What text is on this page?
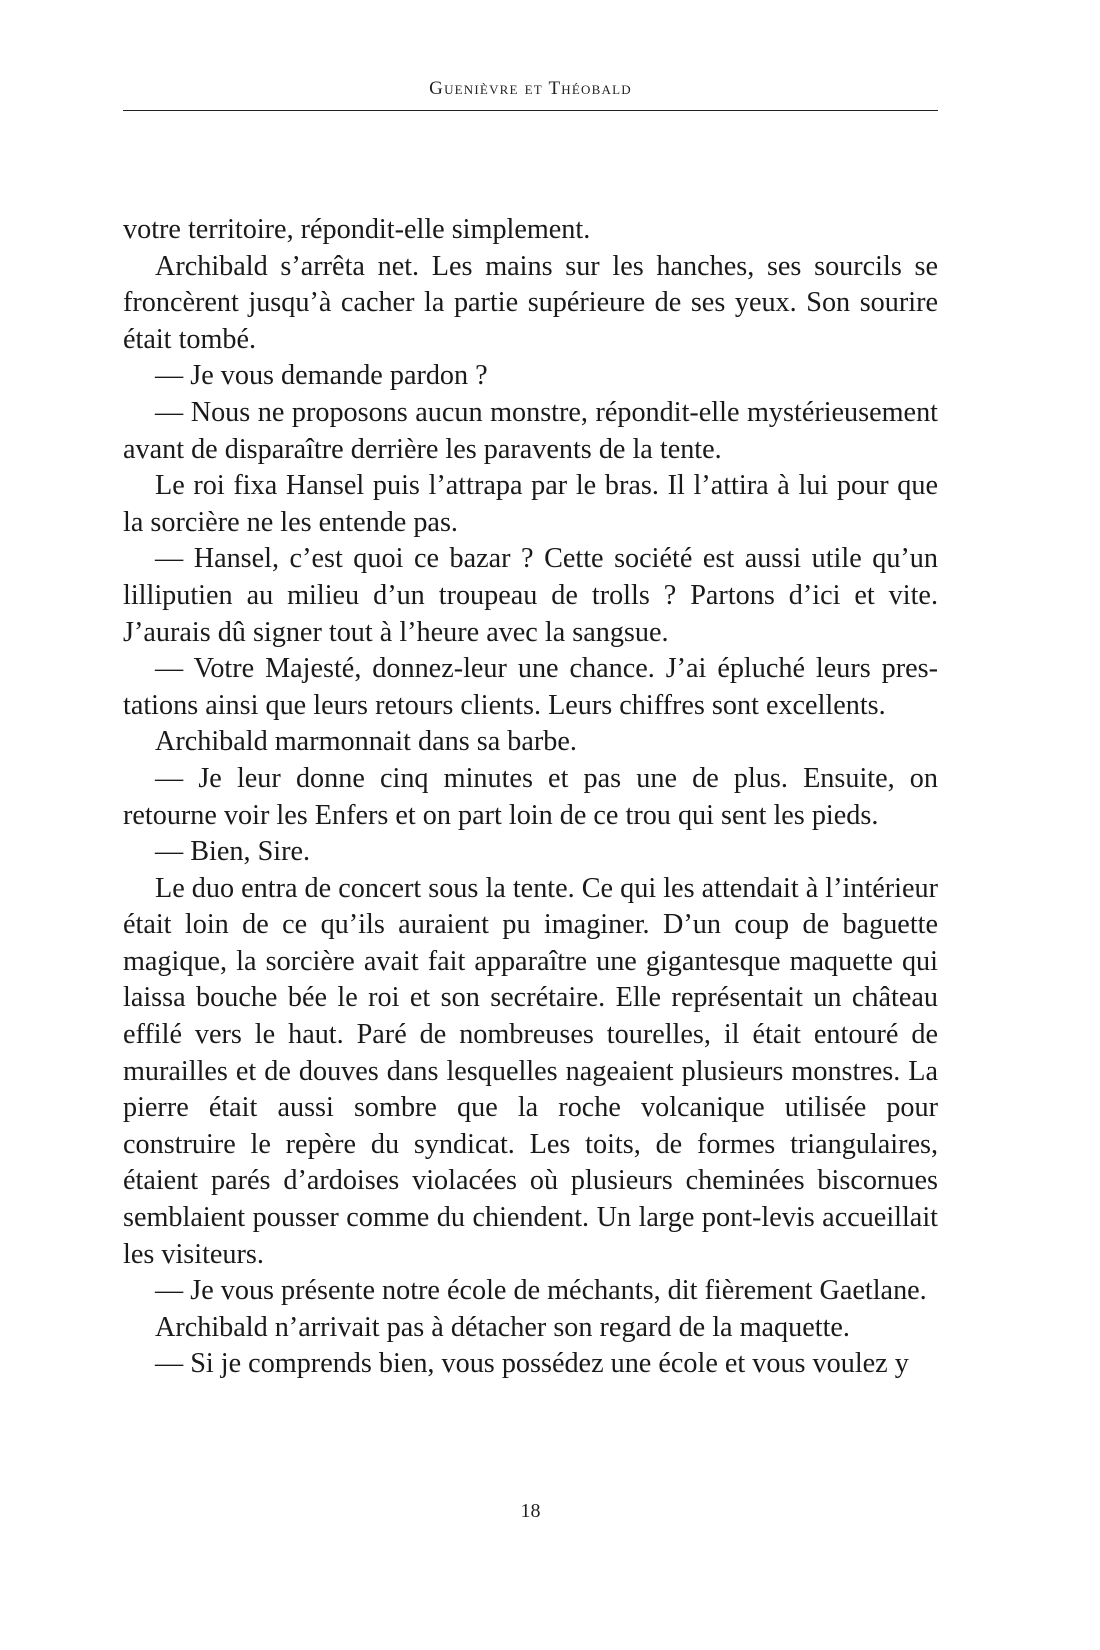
Guenièvre et Théobald

votre territoire, répondit-elle simplement.

Archibald s’arrêta net. Les mains sur les hanches, ses sourcils se froncèrent jusqu’à cacher la partie supérieure de ses yeux. Son sourire était tombé.

— Je vous demande pardon ?

— Nous ne proposons aucun monstre, répondit-elle mystérieusement avant de disparaître derrière les paravents de la tente.

Le roi fixa Hansel puis l’attrapa par le bras. Il l’attira à lui pour que la sorcière ne les entende pas.

— Hansel, c’est quoi ce bazar ? Cette société est aussi utile qu’un lilliputien au milieu d’un troupeau de trolls ? Partons d’ici et vite. J’aurais dû signer tout à l’heure avec la sangsue.

— Votre Majesté, donnez-leur une chance. J’ai épluché leurs prestations ainsi que leurs retours clients. Leurs chiffres sont excellents.

Archibald marmonnait dans sa barbe.

— Je leur donne cinq minutes et pas une de plus. Ensuite, on retourne voir les Enfers et on part loin de ce trou qui sent les pieds.

— Bien, Sire.

Le duo entra de concert sous la tente. Ce qui les attendait à l’intérieur était loin de ce qu’ils auraient pu imaginer. D’un coup de baguette magique, la sorcière avait fait apparaître une gigantesque maquette qui laissa bouche bée le roi et son secrétaire. Elle représentait un château effilé vers le haut. Paré de nombreuses tourelles, il était entouré de murailles et de douves dans lesquelles nageaient plusieurs monstres. La pierre était aussi sombre que la roche volcanique utilisée pour construire le repère du syndicat. Les toits, de formes triangulaires, étaient parés d’ardoises violacées où plusieurs cheminées biscornues semblaient pousser comme du chiendent. Un large pont-levis accueillait les visiteurs.

— Je vous présente notre école de méchants, dit fièrement Gaetlane.

Archibald n’arrivait pas à détacher son regard de la maquette.

— Si je comprends bien, vous possédez une école et vous voulez y

18
